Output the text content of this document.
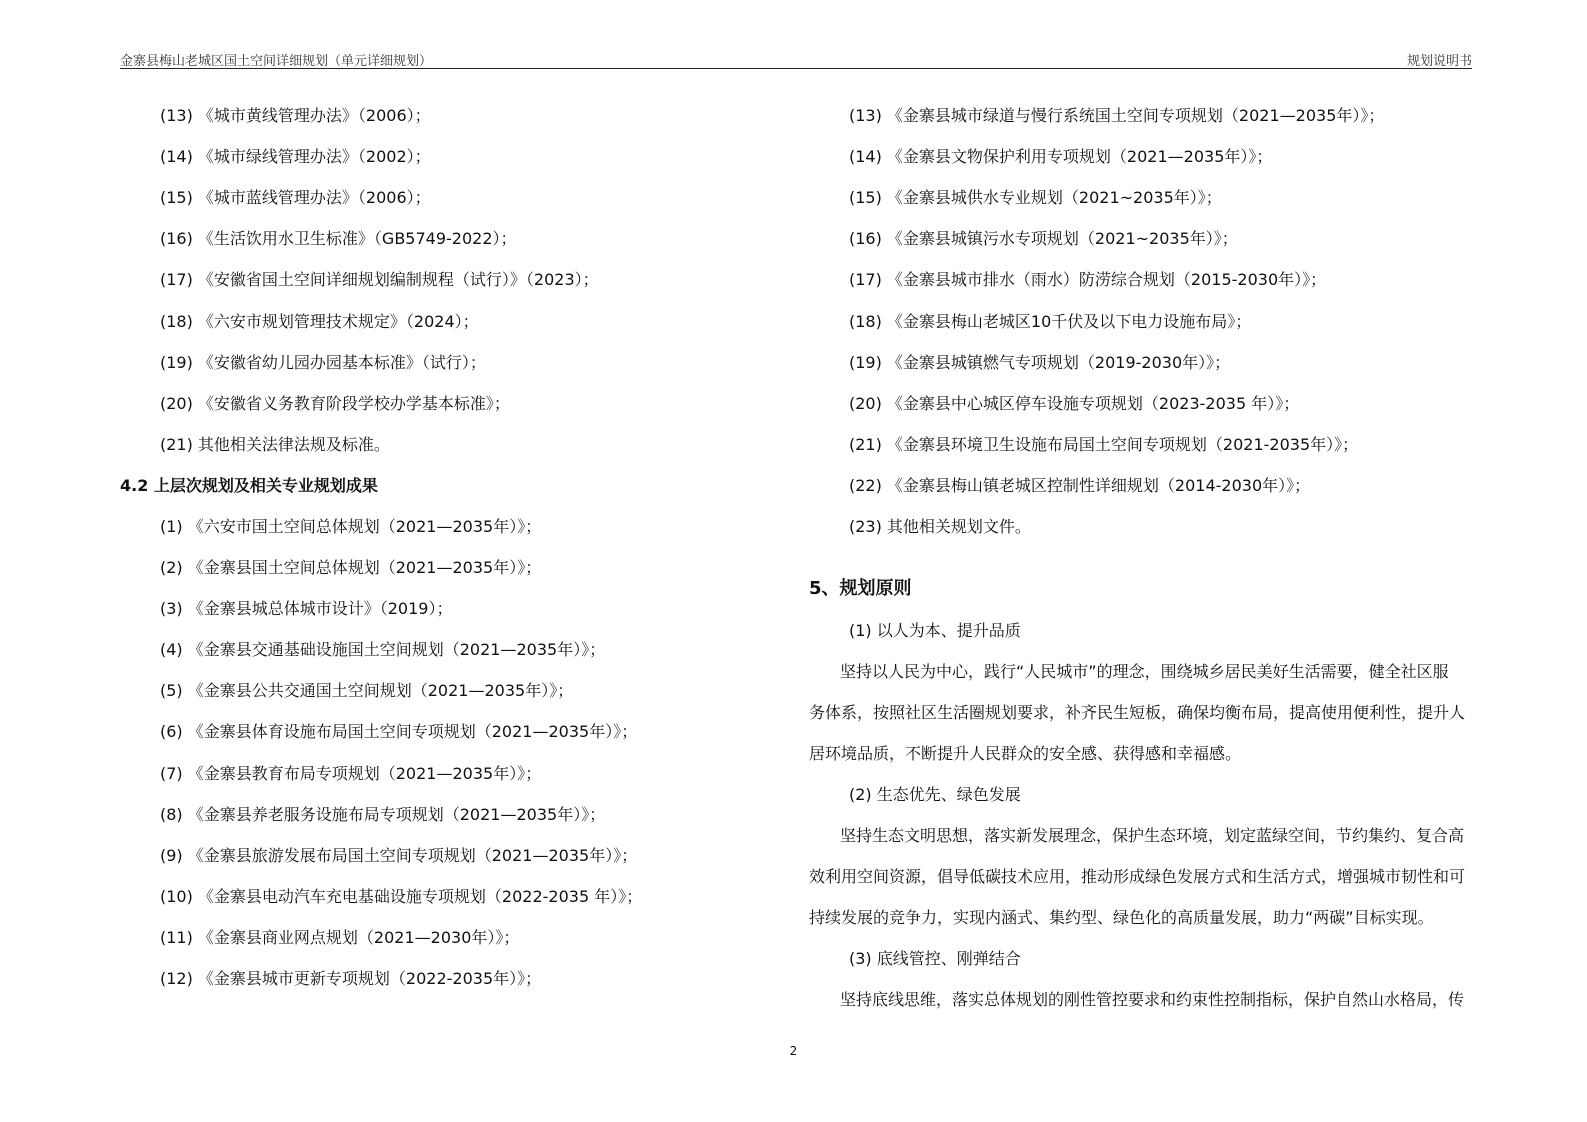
金寨县梅山老城区国土空间详细规划（单元详细规划）	规划说明书
(13) 《城市黄线管理办法》（2006）；
(14) 《城市绿线管理办法》（2002）；
(15) 《城市蓝线管理办法》（2006）；
(16) 《生活饮用水卫生标准》（GB5749-2022）；
(17) 《安徽省国土空间详细规划编制规程（试行）》（2023）；
(18) 《六安市规划管理技术规定》（2024）；
(19) 《安徽省幼儿园办园基本标准》（试行）；
(20) 《安徽省义务教育阶段学校办学基本标准》；
(21) 其他相关法律法规及标准。
4.2 上层次规划及相关专业规划成果
(1) 《六安市国土空间总体规划（2021—2035年）》；
(2) 《金寨县国土空间总体规划（2021—2035年）》；
(3) 《金寨县城总体城市设计》（2019）；
(4) 《金寨县交通基础设施国土空间规划（2021—2035年）》；
(5) 《金寨县公共交通国土空间规划（2021—2035年）》；
(6) 《金寨县体育设施布局国土空间专项规划（2021—2035年）》；
(7) 《金寨县教育布局专项规划（2021—2035年）》；
(8) 《金寨县养老服务设施布局专项规划（2021—2035年）》；
(9) 《金寨县旅游发展布局国土空间专项规划（2021—2035年）》；
(10) 《金寨县电动汽车充电基础设施专项规划（2022-2035 年）》；
(11) 《金寨县商业网点规划（2021—2030年）》；
(12) 《金寨县城市更新专项规划（2022-2035年）》；
(13) 《金寨县城市绿道与慢行系统国土空间专项规划（2021—2035年）》；
(14) 《金寨县文物保护利用专项规划（2021—2035年）》；
(15) 《金寨县城供水专业规划（2021~2035年）》；
(16) 《金寨县城镇污水专项规划（2021~2035年）》；
(17) 《金寨县城市排水（雨水）防涝综合规划（2015-2030年）》；
(18) 《金寨县梅山老城区10千伏及以下电力设施布局》；
(19) 《金寨县城镇燃气专项规划（2019-2030年）》；
(20) 《金寨县中心城区停车设施专项规划（2023-2035 年）》；
(21) 《金寨县环境卫生设施布局国土空间专项规划（2021-2035年）》；
(22) 《金寨县梅山镇老城区控制性详细规划（2014-2030年）》；
(23) 其他相关规划文件。
5、规划原则
(1) 以人为本、提升品质
坚持以人民为中心，践行“人民城市”的理念，围绕城乡居民美好生活需要，健全社区服
务体系，按照社区生活圈规划要求，补齐民生短板，确保均衡布局，提高使用便利性，提升人
居环境品质，不断提升人民群众的安全感、获得感和幸福感。
(2) 生态优先、绿色发展
坚持生态文明思想，落实新发展理念，保护生态环境，划定蓝绿空间，节约集约、复合高
效利用空间资源，倡导低碳技术应用，推动形成绿色发展方式和生活方式，增强城市韧性和可
持续发展的竞争力，实现内涵式、集约型、绿色化的高质量发展，助力“两碳”目标实现。
(3) 底线管控、刚弹结合
坚持底线思维，落实总体规划的刚性管控要求和约束性控制指标，保护自然山水格局，传
2
